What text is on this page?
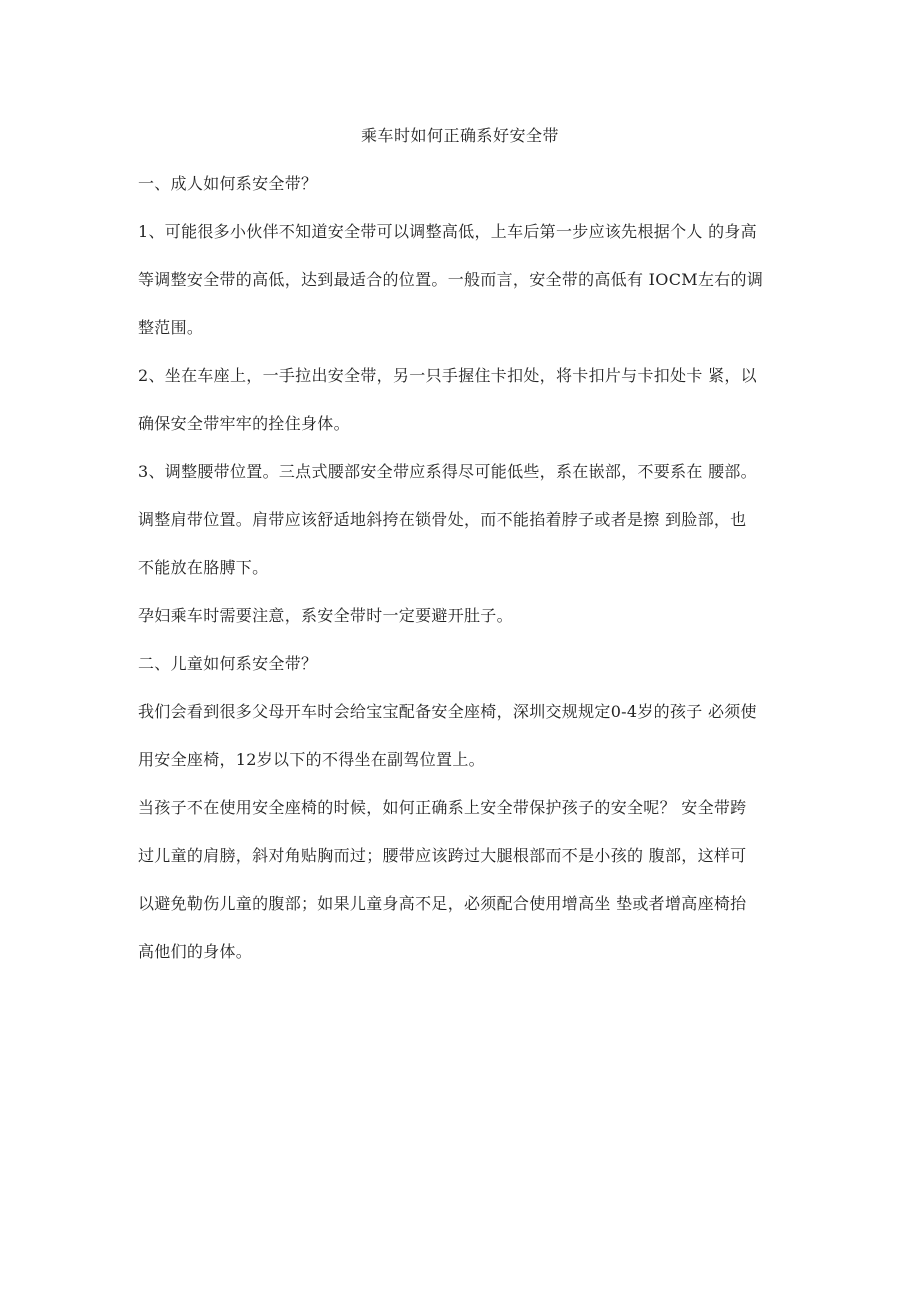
乘车时如何正确系好安全带
一、成人如何系安全带？
1、可能很多小伙伴不知道安全带可以调整高低，上车后第一步应该先根据个人 的身高
等调整安全带的高低，达到最适合的位置。一般而言，安全带的高低有 IOCM左右的调
整范围。
2、坐在车座上，一手拉出安全带，另一只手握住卡扣处，将卡扣片与卡扣处卡 紧，以
确保安全带牢牢的拴住身体。
3、调整腰带位置。三点式腰部安全带应系得尽可能低些，系在嵌部，不要系在 腰部。
调整肩带位置。肩带应该舒适地斜挎在锁骨处，而不能掐着脖子或者是擦 到脸部，也
不能放在胳膊下。
孕妇乘车时需要注意，系安全带时一定要避开肚子。
二、儿童如何系安全带？
我们会看到很多父母开车时会给宝宝配备安全座椅，深圳交规规定0-4岁的孩子 必须使
用安全座椅，12岁以下的不得坐在副驾位置上。
当孩子不在使用安全座椅的时候，如何正确系上安全带保护孩子的安全呢？ 安全带跨
过儿童的肩膀，斜对角贴胸而过；腰带应该跨过大腿根部而不是小孩的 腹部，这样可
以避免勒伤儿童的腹部；如果儿童身高不足，必须配合使用增高坐 垫或者增高座椅抬
高他们的身体。
